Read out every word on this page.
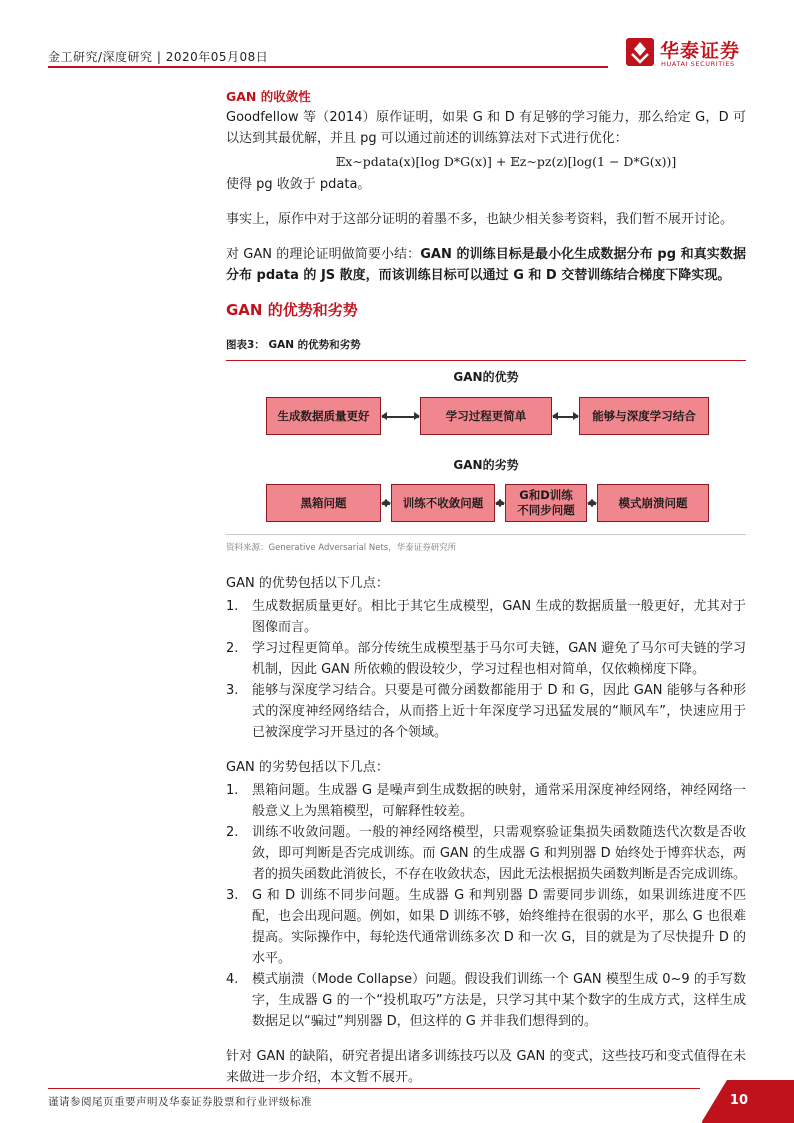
金工研究/深度研究 | 2020年05月08日	华泰证券
HUATAI SECURITIES
GAN 的收敛性

Goodfellow 等（2014）原作证明，如果 G 和 D 有足够的学习能力，那么给定 G，D 可以达到其最优解，并且 pg 可以通过前述的训练算法对下式进行优化：

𝔼x∼pdata(x)[log D*G(x)] + 𝔼z∼pz(z)[log(1 − D*G(x))]

使得 pg 收敛于 pdata。

事实上，原作中对于这部分证明的着墨不多，也缺少相关参考资料，我们暂不展开讨论。

对 GAN 的理论证明做简要小结：GAN 的训练目标是最小化生成数据分布 pg 和真实数据分布 pdata 的 JS 散度，而该训练目标可以通过 G 和 D 交替训练结合梯度下降实现。

GAN 的优势和劣势
图表3： GAN 的优势和劣势
GAN的优势
生成数据质量更好	学习过程更简单	能够与深度学习结合
GAN的劣势
黑箱问题	训练不收敛问题
G和D训练
不同步问题
模式崩溃问题
资料来源：Generative Adversarial Nets，华泰证券研究所

GAN 的优势包括以下几点：

1. 生成数据质量更好。相比于其它生成模型，GAN 生成的数据质量一般更好，尤其对于图像而言。
2. 学习过程更简单。部分传统生成模型基于马尔可夫链，GAN 避免了马尔可夫链的学习机制，因此 GAN 所依赖的假设较少，学习过程也相对简单，仅依赖梯度下降。
3. 能够与深度学习结合。只要是可微分函数都能用于 D 和 G，因此 GAN 能够与各种形式的深度神经网络结合，从而搭上近十年深度学习迅猛发展的“顺风车”，快速应用于已被深度学习开垦过的各个领域。

GAN 的劣势包括以下几点：

1. 黑箱问题。生成器 G 是噪声到生成数据的映射，通常采用深度神经网络，神经网络一般意义上为黑箱模型，可解释性较差。
2. 训练不收敛问题。一般的神经网络模型，只需观察验证集损失函数随迭代次数是否收敛，即可判断是否完成训练。而 GAN 的生成器 G 和判别器 D 始终处于博弈状态，两者的损失函数此消彼长，不存在收敛状态，因此无法根据损失函数判断是否完成训练。
3. G 和 D 训练不同步问题。生成器 G 和判别器 D 需要同步训练，如果训练进度不匹配，也会出现问题。例如，如果 D 训练不够，始终维持在很弱的水平，那么 G 也很难提高。实际操作中，每轮迭代通常训练多次 D 和一次 G，目的就是为了尽快提升 D 的水平。
4. 模式崩溃（Mode Collapse）问题。假设我们训练一个 GAN 模型生成 0~9 的手写数字，生成器 G 的一个“投机取巧”方法是，只学习其中某个数字的生成方式，这样生成数据足以“骗过”判别器 D，但这样的 G 并非我们想得到的。

针对 GAN 的缺陷，研究者提出诸多训练技巧以及 GAN 的变式，这些技巧和变式值得在未来做进一步介绍，本文暂不展开。

谨请参阅尾页重要声明及华泰证券股票和行业评级标准	10
